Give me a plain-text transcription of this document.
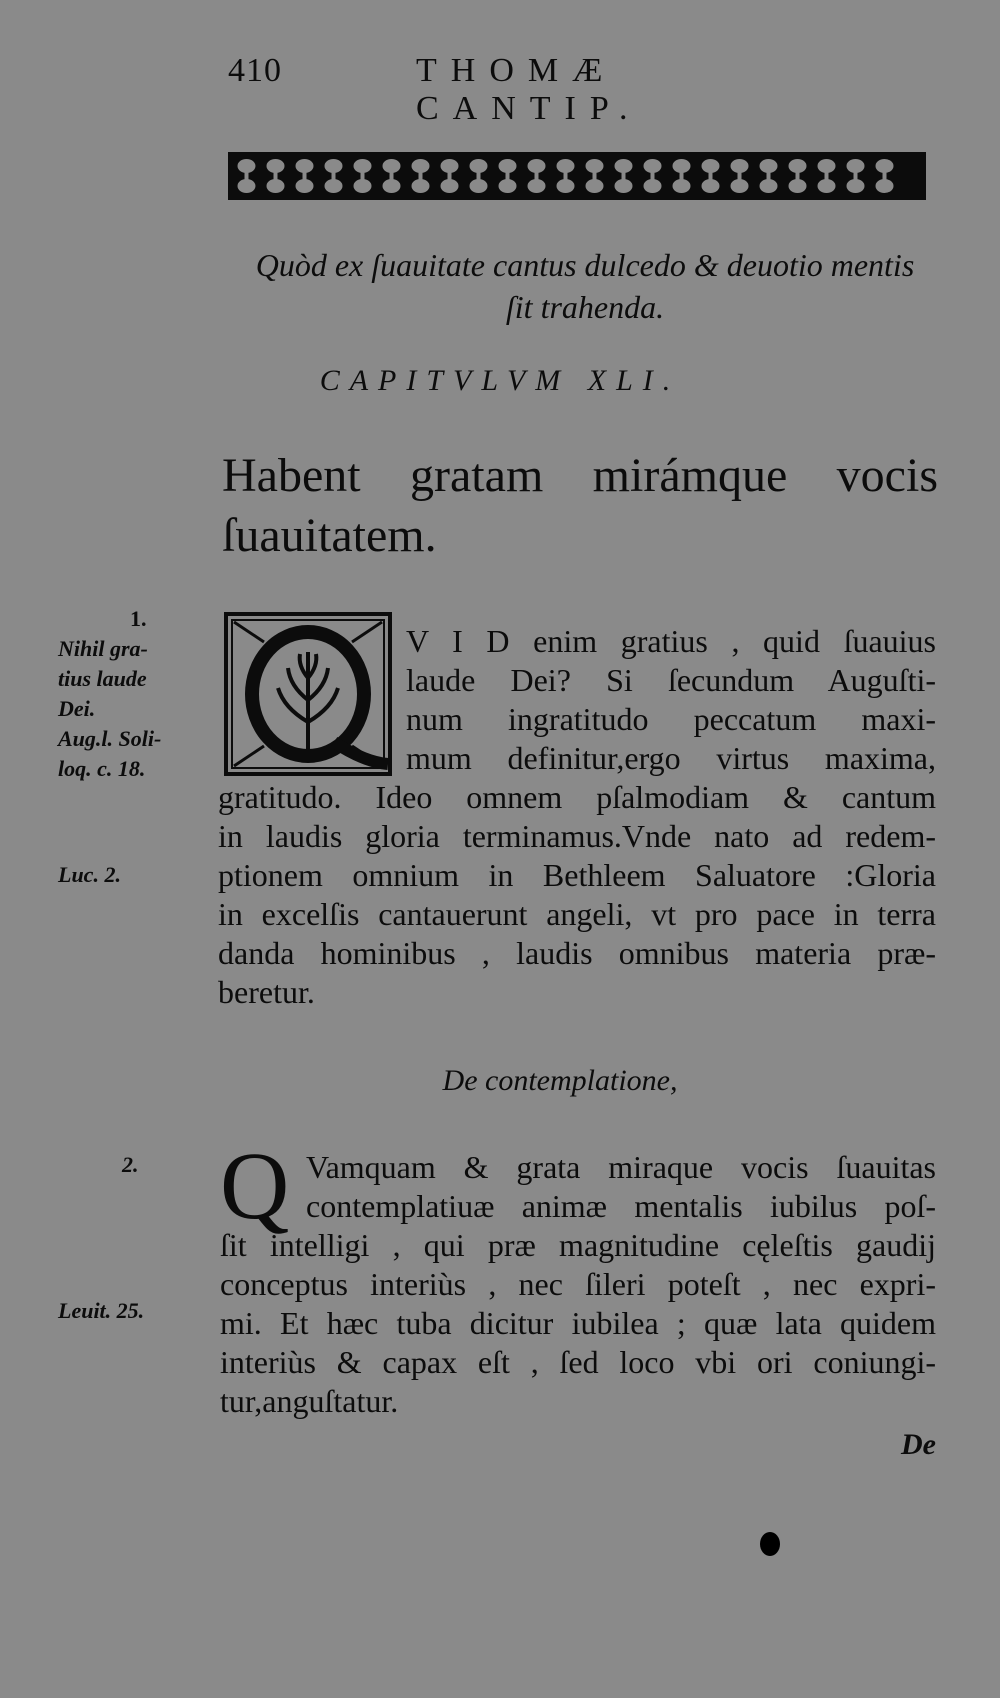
410	THOMÆ CANTIP.
Quòd ex ſuauitate cantus dulcedo & deuotio mentis
ſit trahenda.
CAPITVLVM XLI.
Habent gratam mirámque vocis
ſuauitatem.
1.
Nihil gra-
tius laude
Dei.
Aug.l. Soli-
loq. c. 18.
Luc. 2.
2.
Leuit. 25.
V I D enim gratius , quid ſuauius
laude Dei? Si ſecundum Auguſti-
num ingratitudo peccatum maxi-
mum definitur,ergo virtus maxima,
gratitudo. Ideo omnem pſalmodiam & cantum
in laudis gloria terminamus.Vnde nato ad redem-
ptionem omnium in Bethleem Saluatore :Gloria
in excelſis cantauerunt angeli, vt pro pace in terra
danda hominibus , laudis omnibus materia præ-
beretur.
De contemplatione,
Q Vamquam & grata miraque vocis ſuauitas
contemplatiuæ animæ mentalis iubilus poſ-
ſit intelligi , qui præ magnitudine cęleſtis gaudij
conceptus interiùs , nec ſileri poteſt , nec expri-
mi. Et hæc tuba dicitur iubilea ; quæ lata quidem
interiùs & capax eſt , ſed loco vbi ori coniungi-
tur,anguſtatur.
De
